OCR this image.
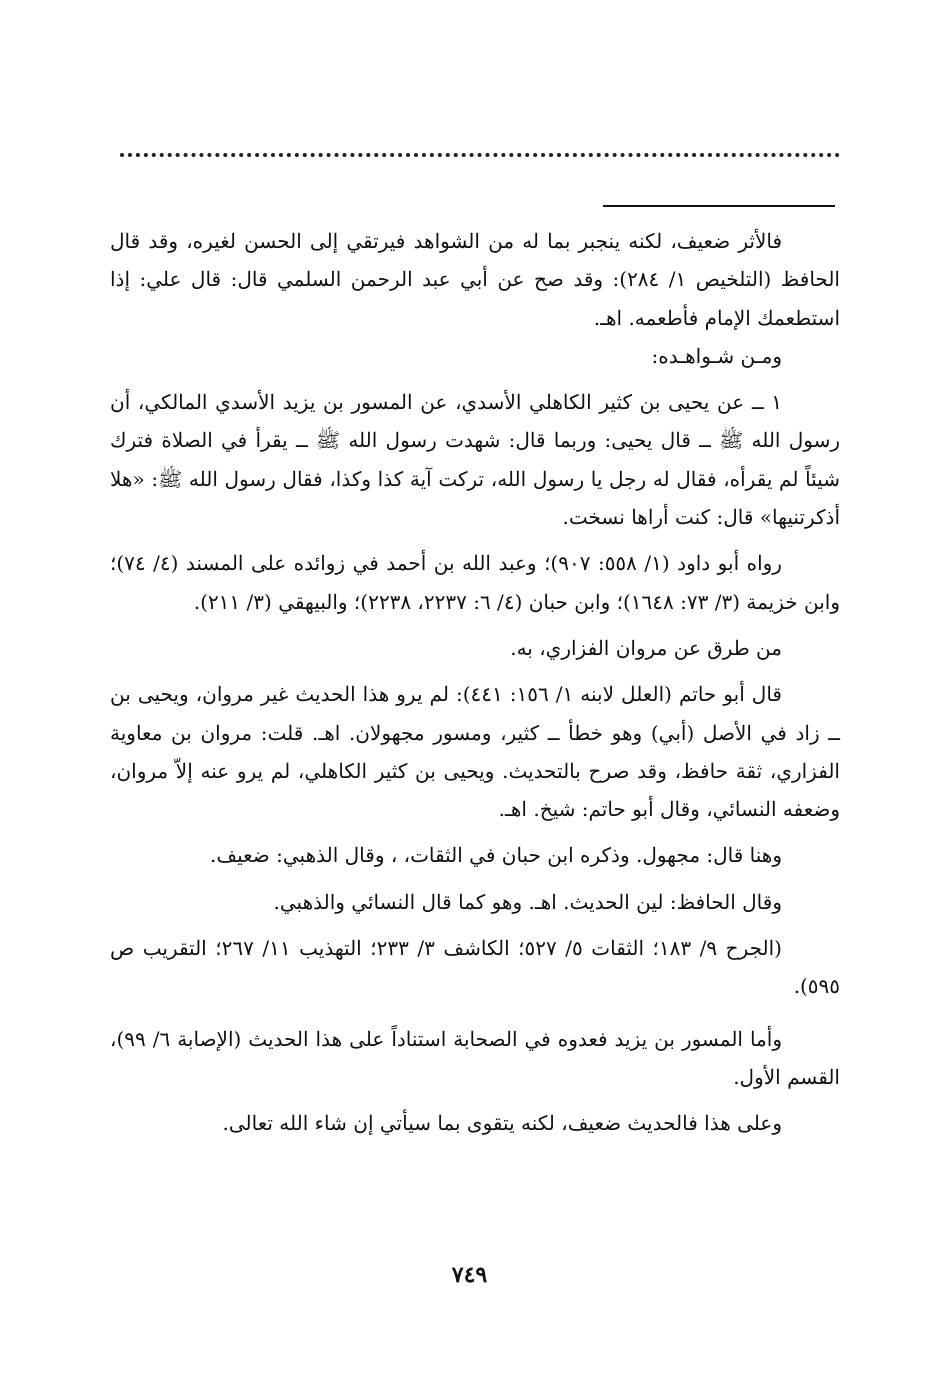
فالأثر ضعيف، لكنه ينجبر بما له من الشواهد فيرتقي إلى الحسن لغيره، وقد قال الحافظ (التلخيص ١/ ٢٨٤): وقد صح عن أبي عبد الرحمن السلمي قال: قال علي: إذا استطعمك الإمام فأطعمه. اهـ.

ومـن شـواهـده:

١ ــ عن يحيى بن كثير الكاهلي الأسدي، عن المسور بن يزيد الأسدي المالكي، أن رسول الله ﷺ ــ قال يحيى: وربما قال: شهدت رسول الله ﷺ ــ يقرأ في الصلاة فترك شيئاً لم يقرأه، فقال له رجل يا رسول الله، تركت آية كذا وكذا، فقال رسول الله ﷺ: «هلا أذكرتنيها» قال: كنت أراها نسخت.

رواه أبو داود (١/ ٥٥٨: ٩٠٧)؛ وعبد الله بن أحمد في زوائده على المسند (٤/ ٧٤)؛ وابن خزيمة (٣/ ٧٣: ١٦٤٨)؛ وابن حبان (٤/ ٦: ٢٢٣٧، ٢٢٣٨)؛ والبيهقي (٣/ ٢١١).

من طرق عن مروان الفزاري، به.

قال أبو حاتم (العلل لابنه ١/ ١٥٦: ٤٤١): لم يرو هذا الحديث غير مروان، ويحيى بن ــ زاد في الأصل (أبي) وهو خطأ ــ كثير، ومسور مجهولان. اهـ. قلت: مروان بن معاوية الفزاري، ثقة حافظ، وقد صرح بالتحديث. ويحيى بن كثير الكاهلي، لم يرو عنه إلاّ مروان، وضعفه النسائي، وقال أبو حاتم: شيخ. اهـ.

وهنا قال: مجهول. وذكره ابن حبان في الثقات، ، وقال الذهبي: ضعيف.

وقال الحافظ: لين الحديث. اهـ. وهو كما قال النسائي والذهبي.

(الجرح ٩/ ١٨٣؛ الثقات ٥/ ٥٢٧؛ الكاشف ٣/ ٢٣٣؛ التهذيب ١١/ ٢٦٧؛ التقريب ص ٥٩٥).

وأما المسور بن يزيد فعدوه في الصحابة استناداً على هذا الحديث (الإصابة ٦/ ٩٩)، القسم الأول.

وعلى هذا فالحديث ضعيف، لكنه يتقوى بما سيأتي إن شاء الله تعالى.

٧٤٩
